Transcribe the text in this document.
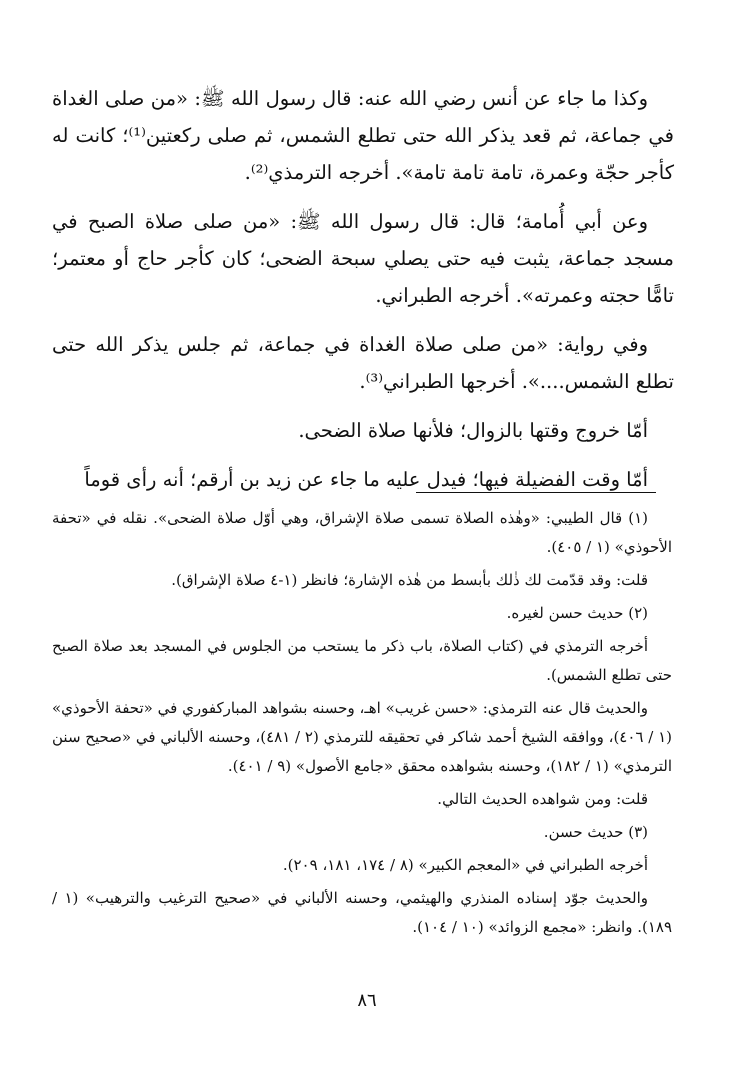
وكذا ما جاء عن أنس رضي الله عنه: قال رسول الله ﷺ: «من صلى الغداة في جماعة، ثم قعد يذكر الله حتى تطلع الشمس، ثم صلى ركعتين⁽¹⁾؛ كانت له كأجر حجّة وعمرة، تامة تامة تامة». أخرجه الترمذي⁽²⁾.

وعن أبي أُمامة؛ قال: قال رسول الله ﷺ: «من صلى صلاة الصبح في مسجد جماعة، يثبت فيه حتى يصلي سبحة الضحى؛ كان كأجر حاج أو معتمر؛ تامًّا حجته وعمرته». أخرجه الطبراني.

وفي رواية: «من صلى صلاة الغداة في جماعة، ثم جلس يذكر الله حتى تطلع الشمس....». أخرجها الطبراني⁽³⁾.

أمّا خروج وقتها بالزوال؛ فلأنها صلاة الضحى.

أمّا وقت الفضيلة فيها؛ فيدل عليه ما جاء عن زيد بن أرقم؛ أنه رأى قوماً

(١) قال الطيبي: «وهٰذه الصلاة تسمى صلاة الإشراق، وهي أوّل صلاة الضحى». نقله في «تحفة الأحوذي» (١ / ٤٠٥).

قلت: وقد قدّمت لك ذٰلك بأبسط من هٰذه الإشارة؛ فانظر (١-٤ صلاة الإشراق).

(٢) حديث حسن لغيره.

أخرجه الترمذي في (كتاب الصلاة، باب ذكر ما يستحب من الجلوس في المسجد بعد صلاة الصبح حتى تطلع الشمس).

والحديث قال عنه الترمذي: «حسن غريب» اهـ، وحسنه بشواهد المباركفوري في «تحفة الأحوذي» (١ / ٤٠٦)، ووافقه الشيخ أحمد شاكر في تحقيقه للترمذي (٢ / ٤٨١)، وحسنه الألباني في «صحيح سنن الترمذي» (١ / ١٨٢)، وحسنه بشواهده محقق «جامع الأصول» (٩ / ٤٠١).

قلت: ومن شواهده الحديث التالي.

(٣) حديث حسن.

أخرجه الطبراني في «المعجم الكبير» (٨ / ١٧٤، ١٨١، ٢٠٩).

والحديث جوّد إسناده المنذري والهيثمي، وحسنه الألباني في «صحيح الترغيب والترهيب» (١ / ١٨٩). وانظر: «مجمع الزوائد» (١٠ / ١٠٤).

٨٦
